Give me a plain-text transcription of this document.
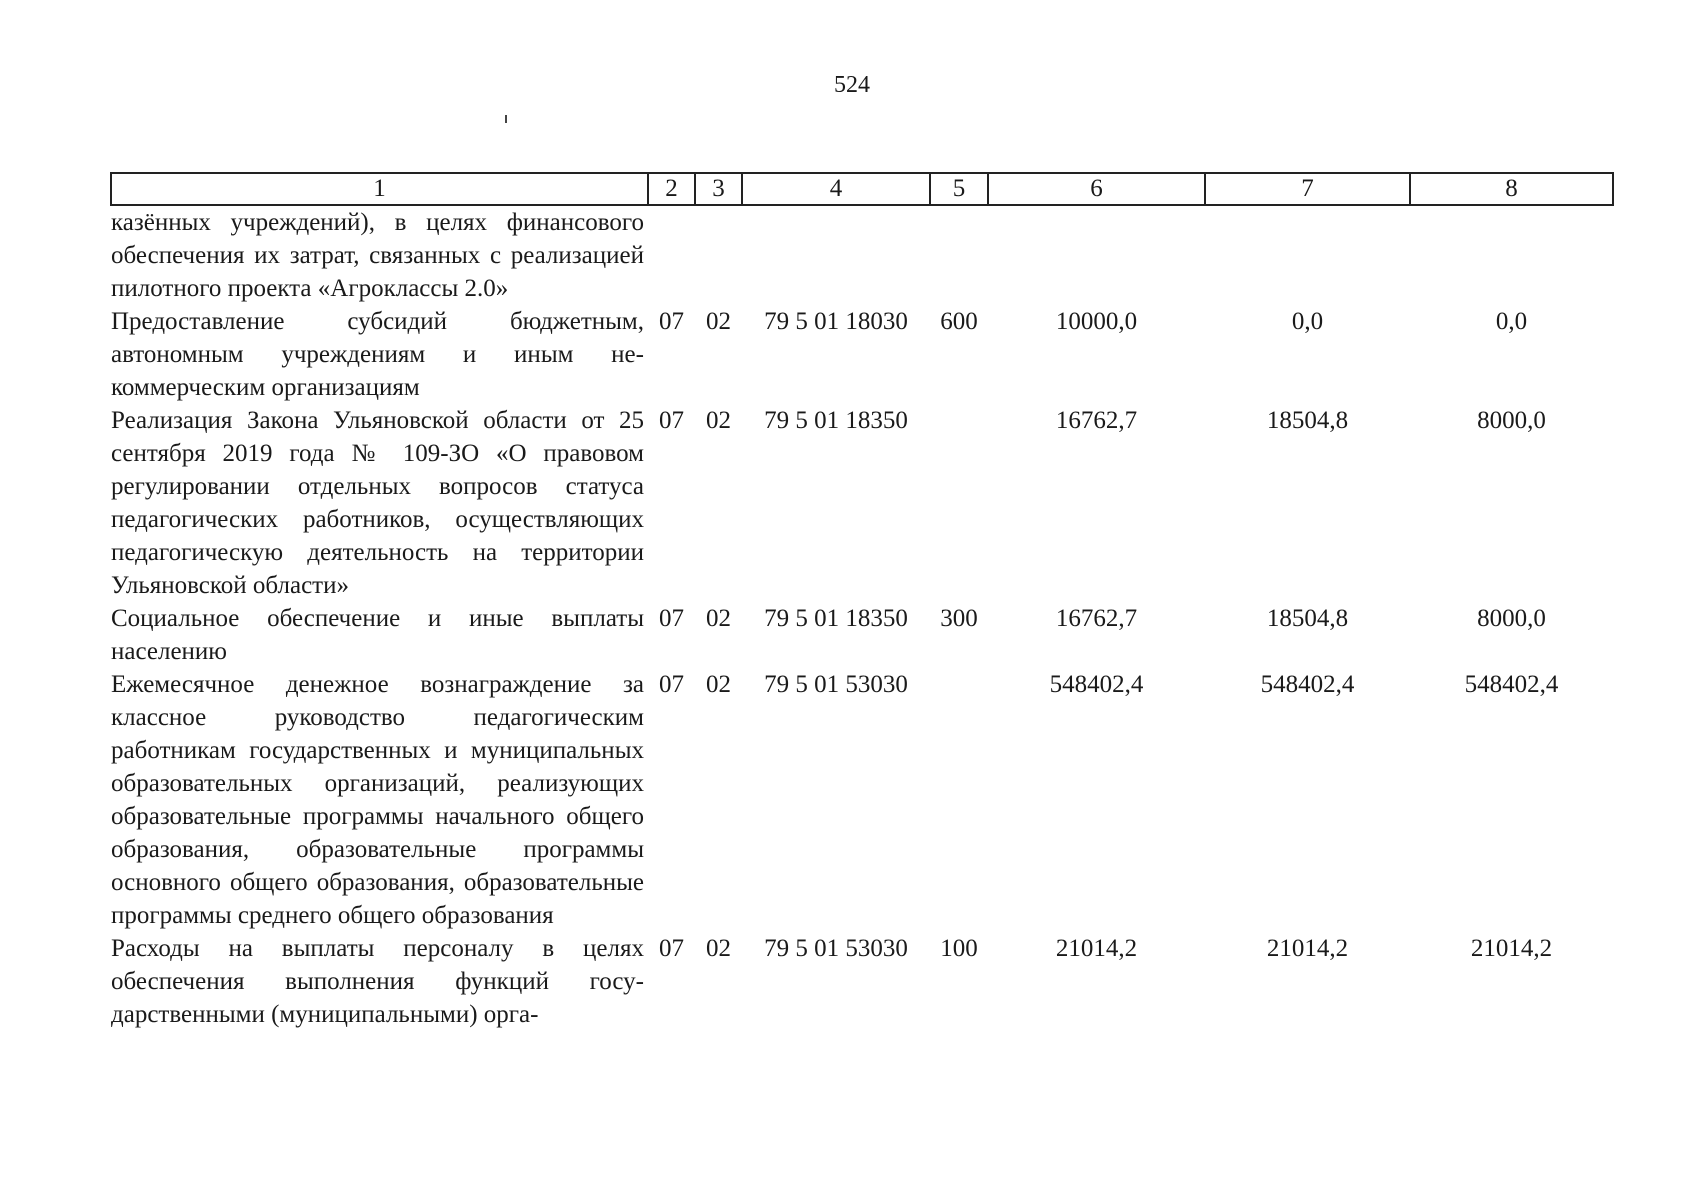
524
1	2	3	4	5	6	7	8
казённых учреждений), в целях финансового обеспечения их затрат, связанных с реализацией пилотного проекта «Агроклассы 2.0»							
Предоставление субсидий бюджетным, автономным учреждениям и иным некоммерческим организациям	07	02	79 5 01 18030	600	10000,0	0,0	0,0
Реализация Закона Ульяновской области от 25 сентября 2019 года № 109-ЗО «О правовом регулировании отдельных вопросов статуса педагогических работников, осуществляющих педагогическую деятельность на территории Ульяновской области»	07	02	79 5 01 18350		16762,7	18504,8	8000,0
Социальное обеспечение и иные выплаты населению	07	02	79 5 01 18350	300	16762,7	18504,8	8000,0
Ежемесячное денежное вознаграждение за классное руководство педагогическим работникам государственных и муниципальных образовательных организаций, реализующих образовательные программы начального общего образования, образовательные программы основного общего образования, образовательные программы среднего общего образования	07	02	79 5 01 53030		548402,4	548402,4	548402,4
Расходы на выплаты персоналу в целях обеспечения выполнения функций государственными (муниципальными) орга-	07	02	79 5 01 53030	100	21014,2	21014,2	21014,2
